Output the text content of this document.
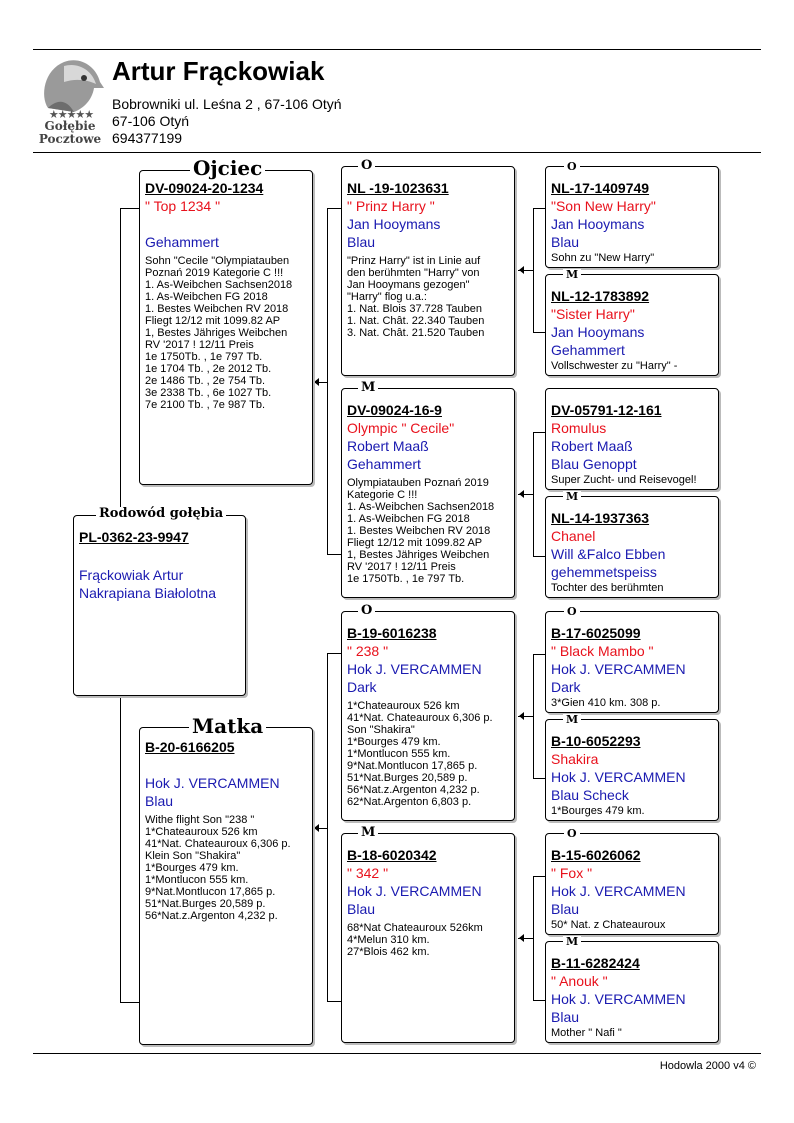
★★★★★
Gołębie
Pocztowe
Artur Frąckowiak
Bobrowniki ul. Leśna 2 , 67-106 Otyń
67-106 Otyń
694377199
PL-0362-23-9947
Frąckowiak Artur
Nakrapiana Białolotna
Rodowód gołębia
DV-09024-20-1234
" Top 1234 "
Gehammert
Sohn "Cecile "Olympiatauben
Poznań 2019 Kategorie C !!!
1. As-Weibchen Sachsen2018
1. As-Weibchen FG 2018
1. Bestes Weibchen RV 2018
Fliegt 12/12 mit 1099.82 AP
1, Bestes Jähriges Weibchen
RV '2017 ! 12/11 Preis
1e 1750Tb. , 1e 797 Tb.
1e 1704 Tb. , 2e 2012 Tb.
2e 1486 Tb. , 2e 754 Tb.
3e 2338 Tb. , 6e 1027 Tb.
7e 2100 Tb. , 7e 987 Tb.
Ojciec
B-20-6166205
Hok J. VERCAMMEN
Blau
Withe flight Son "238 "
1*Chateauroux 526 km
41*Nat. Chateauroux 6,306 p.
Klein Son "Shakira"
1*Bourges 479 km.
1*Montlucon 555 km.
9*Nat.Montlucon 17,865 p.
51*Nat.Burges 20,589 p.
56*Nat.z.Argenton 4,232 p.
Matka
NL -19-1023631
" Prinz Harry "
Jan Hooymans
Blau
"Prinz Harry" ist in Linie auf
den berühmten "Harry" von
Jan Hooymans gezogen"
"Harry" flog u.a.:
1. Nat. Blois 37.728 Tauben
1. Nat. Chât. 22.340 Tauben
3. Nat. Chât. 21.520 Tauben
O
DV-09024-16-9
Olympic " Cecile"
Robert Maaß
Gehammert
Olympiatauben Poznań 2019
Kategorie C !!!
1. As-Weibchen Sachsen2018
1. As-Weibchen FG 2018
1. Bestes Weibchen RV 2018
Fliegt 12/12 mit 1099.82 AP
1, Bestes Jähriges Weibchen
RV '2017 ! 12/11 Preis
1e 1750Tb. , 1e 797 Tb.
M
B-19-6016238
" 238 "
Hok J. VERCAMMEN
Dark
1*Chateauroux 526 km
41*Nat. Chateauroux 6,306 p.
Son "Shakira"
1*Bourges 479 km.
1*Montlucon 555 km.
9*Nat.Montlucon 17,865 p.
51*Nat.Burges 20,589 p.
56*Nat.z.Argenton 4,232 p.
62*Nat.Argenton 6,803 p.
O
B-18-6020342
" 342 "
Hok J. VERCAMMEN
Blau
68*Nat Chateauroux 526km
4*Melun 310 km.
27*Blois 462 km.
M
NL-17-1409749
"Son New Harry"
Jan Hooymans
Blau
Sohn zu "New Harry"
O
NL-12-1783892
"Sister Harry"
Jan Hooymans
Gehammert
Vollschwester zu "Harry" -
M
DV-05791-12-161
Romulus
Robert Maaß
Blau Genoppt
Super Zucht- und Reisevogel!
NL-14-1937363
Chanel
Will &Falco Ebben
gehemmetspeiss
Tochter des berühmten
M
B-17-6025099
" Black Mambo "
Hok J. VERCAMMEN
Dark
3*Gien 410 km. 308 p.
O
B-10-6052293
Shakira
Hok J. VERCAMMEN
Blau Scheck
1*Bourges 479 km.
M
B-15-6026062
" Fox "
Hok J. VERCAMMEN
Blau
50* Nat. z Chateauroux
O
B-11-6282424
" Anouk "
Hok J. VERCAMMEN
Blau
Mother " Nafi "
M
Hodowla 2000 v4 ©
